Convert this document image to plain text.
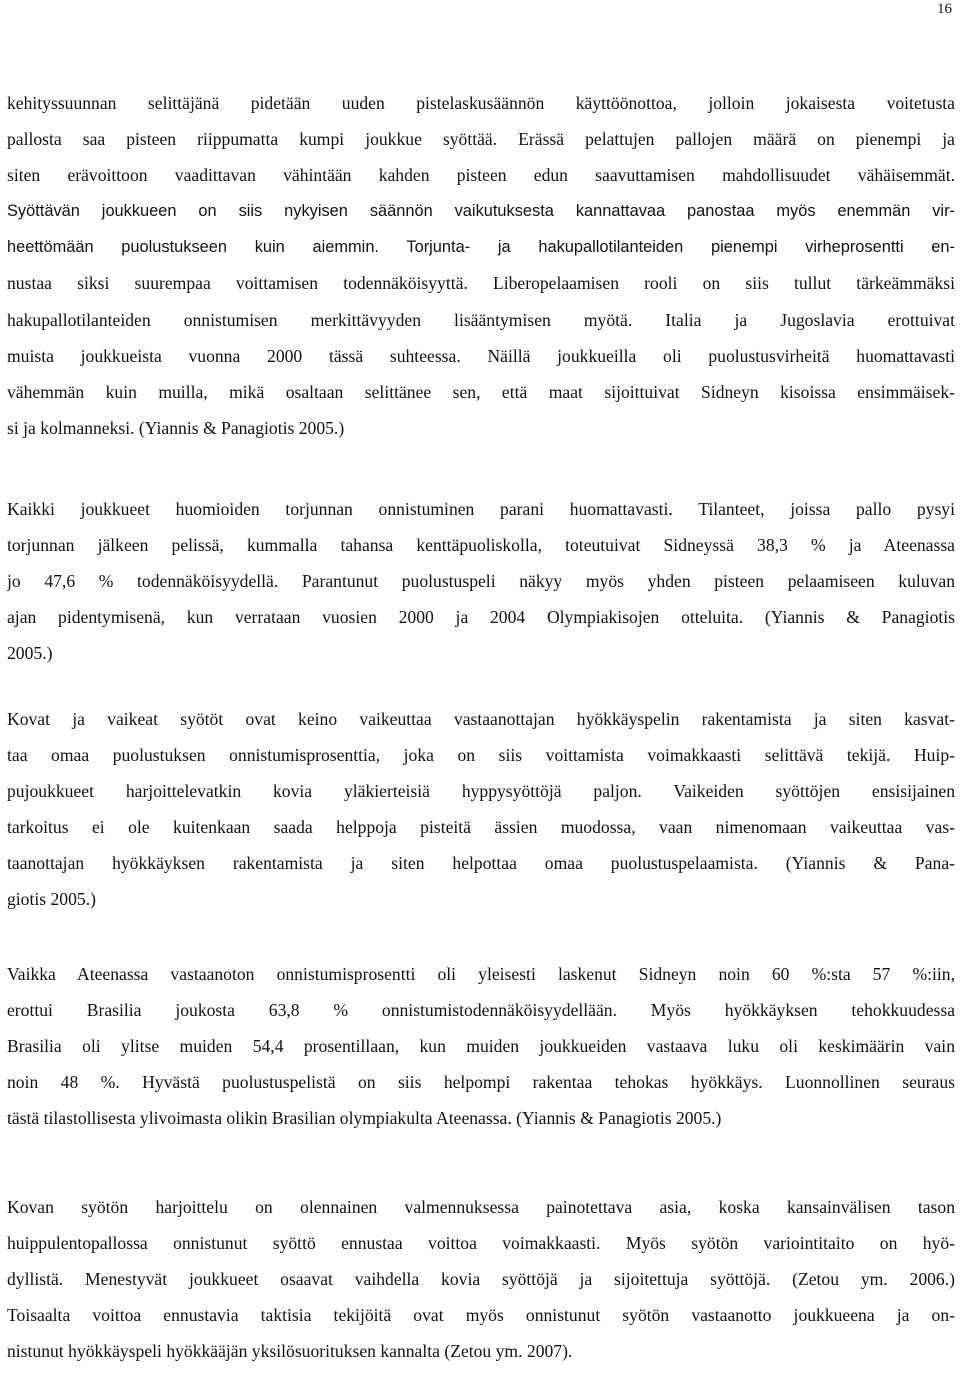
16
kehityssuunnan selittäjänä pidetään uuden pistelaskusäännön käyttöönottoa, jolloin jokaisesta voitetusta
pallosta saa pisteen riippumatta kumpi joukkue syöttää. Erässä pelattujen pallojen määrä on pienempi ja
siten erävoittoon vaadittavan vähintään kahden pisteen edun saavuttamisen mahdollisuudet vähäisemmät.
Syöttävän joukkueen on siis nykyisen säännön vaikutuksesta kannattavaa panostaa myös enemmän vir-
heettömään puolustukseen kuin aiemmin. Torjunta- ja hakupallotilanteiden pienempi virheprosentti en-
nustaa siksi suurempaa voittamisen todennäköisyyttä. Liberopelaamisen rooli on siis tullut tärkeämmäksi
hakupallotilanteiden onnistumisen merkittävyyden lisääntymisen myötä. Italia ja Jugoslavia erottuivat
muista joukkueista vuonna 2000 tässä suhteessa. Näillä joukkueilla oli puolustusvirheitä huomattavasti
vähemmän kuin muilla, mikä osaltaan selittänee sen, että maat sijoittuivat Sidneyn kisoissa ensimmäisek-
si ja kolmanneksi. (Yiannis & Panagiotis 2005.)
Kaikki joukkueet huomioiden torjunnan onnistuminen parani huomattavasti. Tilanteet, joissa pallo pysyi
torjunnan jälkeen pelissä, kummalla tahansa kenttäpuoliskolla, toteutuivat Sidneyssä 38,3 % ja Ateenassa
jo 47,6 % todennäköisyydellä. Parantunut puolustuspeli näkyy myös yhden pisteen pelaamiseen kuluvan
ajan pidentymisenä, kun verrataan vuosien 2000 ja 2004 Olympiakisojen otteluita. (Yiannis & Panagiotis
2005.)
Kovat ja vaikeat syötöt ovat keino vaikeuttaa vastaanottajan hyökkäyspelin rakentamista ja siten kasvat-
taa omaa puolustuksen onnistumisprosenttia, joka on siis voittamista voimakkaasti selittävä tekijä. Huip-
pujoukkueet harjoittelevatkin kovia yläkierteisiä hyppysyöttöjä paljon. Vaikeiden syöttöjen ensisijainen
tarkoitus ei ole kuitenkaan saada helppoja pisteitä ässien muodossa, vaan nimenomaan vaikeuttaa vas-
taanottajan hyökkäyksen rakentamista ja siten helpottaa omaa puolustuspelaamista. (Yiannis & Pana-
giotis 2005.)
Vaikka Ateenassa vastaanoton onnistumisprosentti oli yleisesti laskenut Sidneyn noin 60 %:sta 57 %:iin,
erottui Brasilia joukosta 63,8 % onnistumistodennäköisyydellään. Myös hyökkäyksen tehokkuudessa
Brasilia oli ylitse muiden 54,4 prosentillaan, kun muiden joukkueiden vastaava luku oli keskimäärin vain
noin 48 %. Hyvästä puolustuspelistä on siis helpompi rakentaa tehokas hyökkäys. Luonnollinen seuraus
tästä tilastollisesta ylivoimasta olikin Brasilian olympiakulta Ateenassa. (Yiannis & Panagiotis 2005.)
Kovan syötön harjoittelu on olennainen valmennuksessa painotettava asia, koska kansainvälisen tason
huippulentopallossa onnistunut syöttö ennustaa voittoa voimakkaasti. Myös syötön variointitaito on hyö-
dyllistä. Menestyvät joukkueet osaavat vaihdella kovia syöttöjä ja sijoitettuja syöttöjä. (Zetou ym. 2006.)
Toisaalta voittoa ennustavia taktisia tekijöitä ovat myös onnistunut syötön vastaanotto joukkueena ja on-
nistunut hyökkäyspeli hyökkääjän yksilösuorituksen kannalta (Zetou ym. 2007).
